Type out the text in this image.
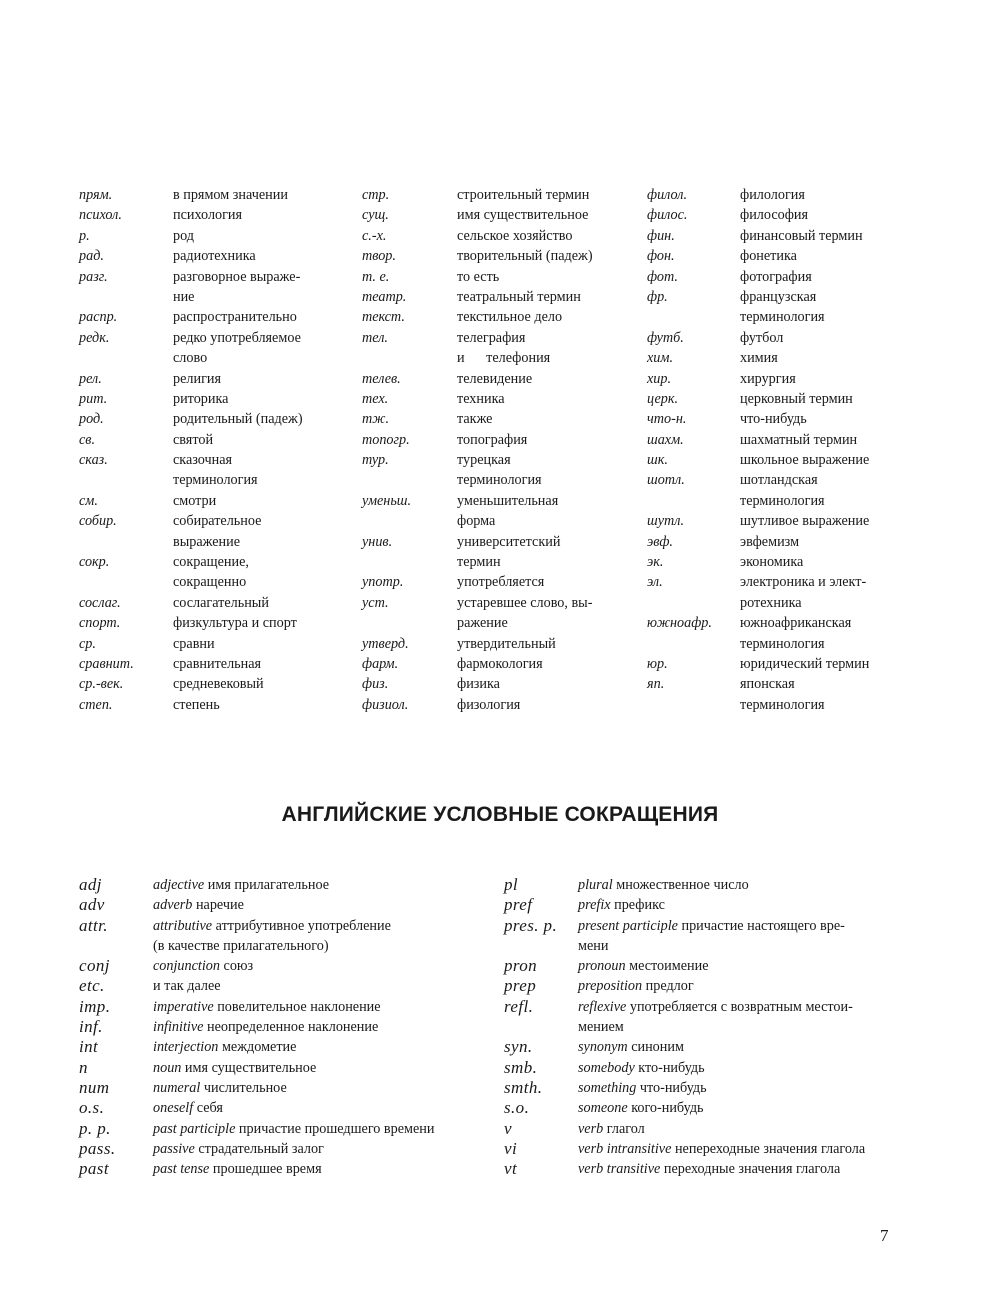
прям.	в прямом значении
психол.	психология
р.	род
рад.	радиотехника
разг.	разговорное выраже-
ние
распр.	распространительно
редк.	редко употребляемое
слово
рел.	религия
рит.	риторика
род.	родительный (падеж)
св.	святой
сказ.	сказочная
терминология
см.	смотри
собир.	собирательное
выражение
сокр.	сокращение,
сокращенно
сослаг.	сослагательный
спорт.	физкультура и спорт
ср.	сравни
сравнит.	сравнительная
ср.-век.	средневековый
степ.	степень
стр.	строительный термин
сущ.	имя существительное
с.-х.	сельское хозяйство
твор.	творительный (падеж)
т. е.	то есть
театр.	театральный термин
текст.	текстильное дело
тел.	телеграфия
и телефония
телев.	телевидение
тех.	техника
тж.	также
топогр.	топография
тур.	турецкая
терминология
уменьш.	уменьшительная
форма
унив.	университетский
термин
употр.	употребляется
уст.	устаревшее слово, вы-
ражение
утверд.	утвердительный
фарм.	фармокология
физ.	физика
физиол.	физология
филол.	филология
филос.	философия
фин.	финансовый термин
фон.	фонетика
фот.	фотография
фр.	французская
терминология
футб.	футбол
хим.	химия
хир.	хирургия
церк.	церковный термин
что-н.	что-нибудь
шахм.	шахматный термин
шк.	школьное выражение
шотл.	шотландская
терминология
шутл.	шутливое выражение
эвф.	эвфемизм
эк.	экономика
эл.	электроника и элект-
ротехника
южноафр.	южноафриканская
терминология
юр.	юридический термин
яп.	японская
терминология
АНГЛИЙСКИЕ УСЛОВНЫЕ СОКРАЩЕНИЯ
adj	adjective имя прилагательное
adv	adverb наречие
attr.	attributive аттрибутивное употребление
(в качестве прилагательного)
conj	conjunction союз
etc.	и так далее
imp.	imperative повелительное наклонение
inf.	infinitive неопределенное наклонение
int	interjection междометие
n	noun имя существительное
num	numeral числительное
o.s.	oneself себя
p. p.	past participle причастие прошедшего времени
pass.	passive страдательный залог
past	past tense прошедшее время
pl	plural множественное число
pref	prefix префикс
pres. p.	present participle причастие настоящего вре-
мени
pron	pronoun местоимение
prep	preposition предлог
refl.	reflexive употребляется с возвратным местои-
мением
syn.	synonyт синоним
smb.	somebody кто-нибудь
smth.	something что-нибудь
s.o.	someone кого-нибудь
v	verb глагол
vi	verb intransitive непереходные значения глагола
vt	verb transitive переходные значения глагола
7
